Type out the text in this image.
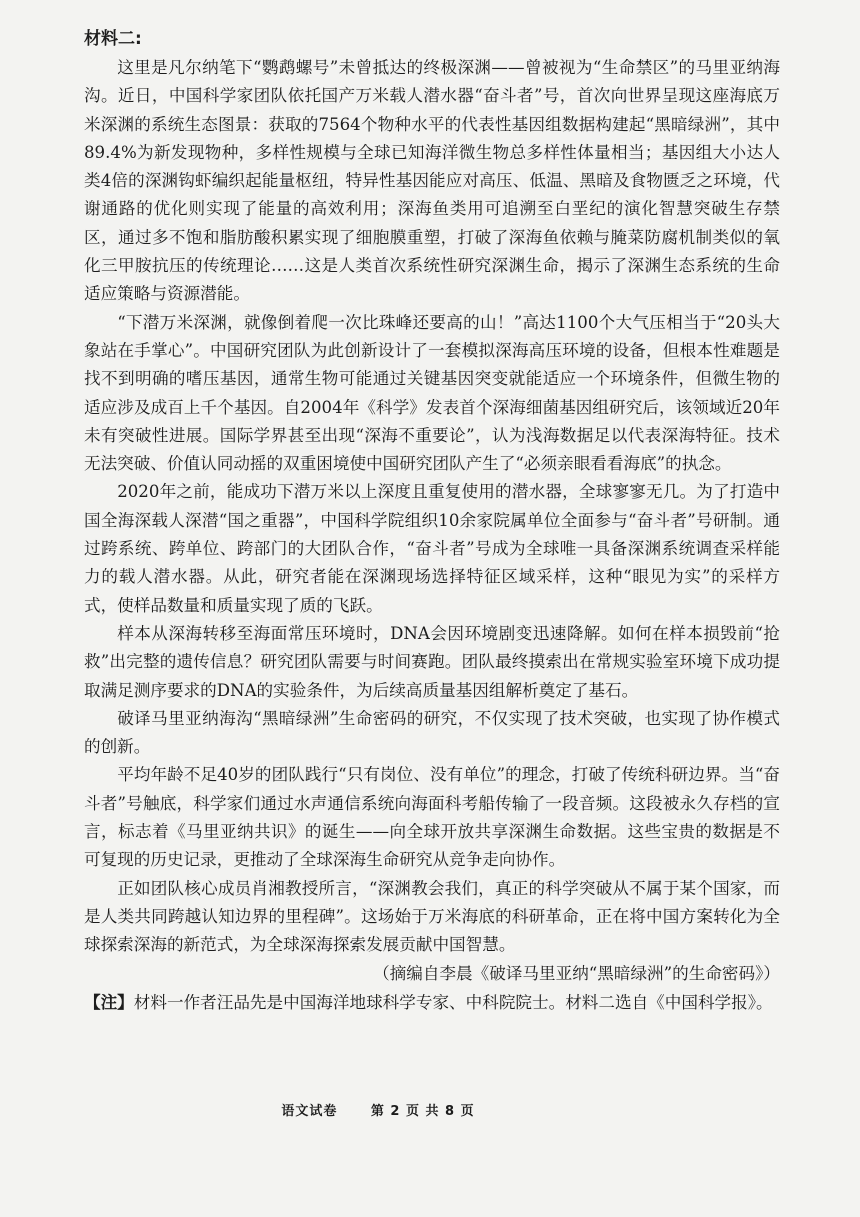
材料二:

这里是凡尔纳笔下“鹦鹉螺号”未曾抵达的终极深渊——曾被视为“生命禁区”的马里亚纳海沟。近日，中国科学家团队依托国产万米载人潜水器“奋斗者”号，首次向世界呈现这座海底万米深渊的系统生态图景：获取的7564个物种水平的代表性基因组数据构建起“黑暗绿洲”，其中89.4%为新发现物种，多样性规模与全球已知海洋微生物总多样性体量相当；基因组大小达人类4倍的深渊钩虾编织起能量枢纽，特异性基因能应对高压、低温、黑暗及食物匮乏之环境，代谢通路的优化则实现了能量的高效利用；深海鱼类用可追溯至白垩纪的演化智慧突破生存禁区，通过多不饱和脂肪酸积累实现了细胞膜重塑，打破了深海鱼依赖与腌菜防腐机制类似的氧化三甲胺抗压的传统理论……这是人类首次系统性研究深渊生命，揭示了深渊生态系统的生命适应策略与资源潜能。

“下潜万米深渊，就像倒着爬一次比珠峰还要高的山！”高达1100个大气压相当于“20头大象站在手掌心”。中国研究团队为此创新设计了一套模拟深海高压环境的设备，但根本性难题是找不到明确的嗜压基因，通常生物可能通过关键基因突变就能适应一个环境条件，但微生物的适应涉及成百上千个基因。自2004年《科学》发表首个深海细菌基因组研究后，该领域近20年未有突破性进展。国际学界甚至出现“深海不重要论”，认为浅海数据足以代表深海特征。技术无法突破、价值认同动摇的双重困境使中国研究团队产生了“必须亲眼看看海底”的执念。

2020年之前，能成功下潜万米以上深度且重复使用的潜水器，全球寥寥无几。为了打造中国全海深载人深潜“国之重器”，中国科学院组织10余家院属单位全面参与“奋斗者”号研制。通过跨系统、跨单位、跨部门的大团队合作，“奋斗者”号成为全球唯一具备深渊系统调查采样能力的载人潜水器。从此，研究者能在深渊现场选择特征区域采样，这种“眼见为实”的采样方式，使样品数量和质量实现了质的飞跃。

样本从深海转移至海面常压环境时，DNA会因环境剧变迅速降解。如何在样本损毁前“抢救”出完整的遗传信息？研究团队需要与时间赛跑。团队最终摸索出在常规实验室环境下成功提取满足测序要求的DNA的实验条件，为后续高质量基因组解析奠定了基石。

破译马里亚纳海沟“黑暗绿洲”生命密码的研究，不仅实现了技术突破，也实现了协作模式的创新。

平均年龄不足40岁的团队践行“只有岗位、没有单位”的理念，打破了传统科研边界。当“奋斗者”号触底，科学家们通过水声通信系统向海面科考船传输了一段音频。这段被永久存档的宣言，标志着《马里亚纳共识》的诞生——向全球开放共享深渊生命数据。这些宝贵的数据是不可复现的历史记录，更推动了全球深海生命研究从竞争走向协作。

正如团队核心成员肖湘教授所言，“深渊教会我们，真正的科学突破从不属于某个国家，而是人类共同跨越认知边界的里程碑”。这场始于万米海底的科研革命，正在将中国方案转化为全球探索深海的新范式，为全球深海探索发展贡献中国智慧。

（摘编自李晨《破译马里亚纳“黑暗绿洲”的生命密码》）

【注】材料一作者汪品先是中国海洋地球科学专家、中科院院士。材料二选自《中国科学报》。

语文试卷	第 2 页 共 8 页
